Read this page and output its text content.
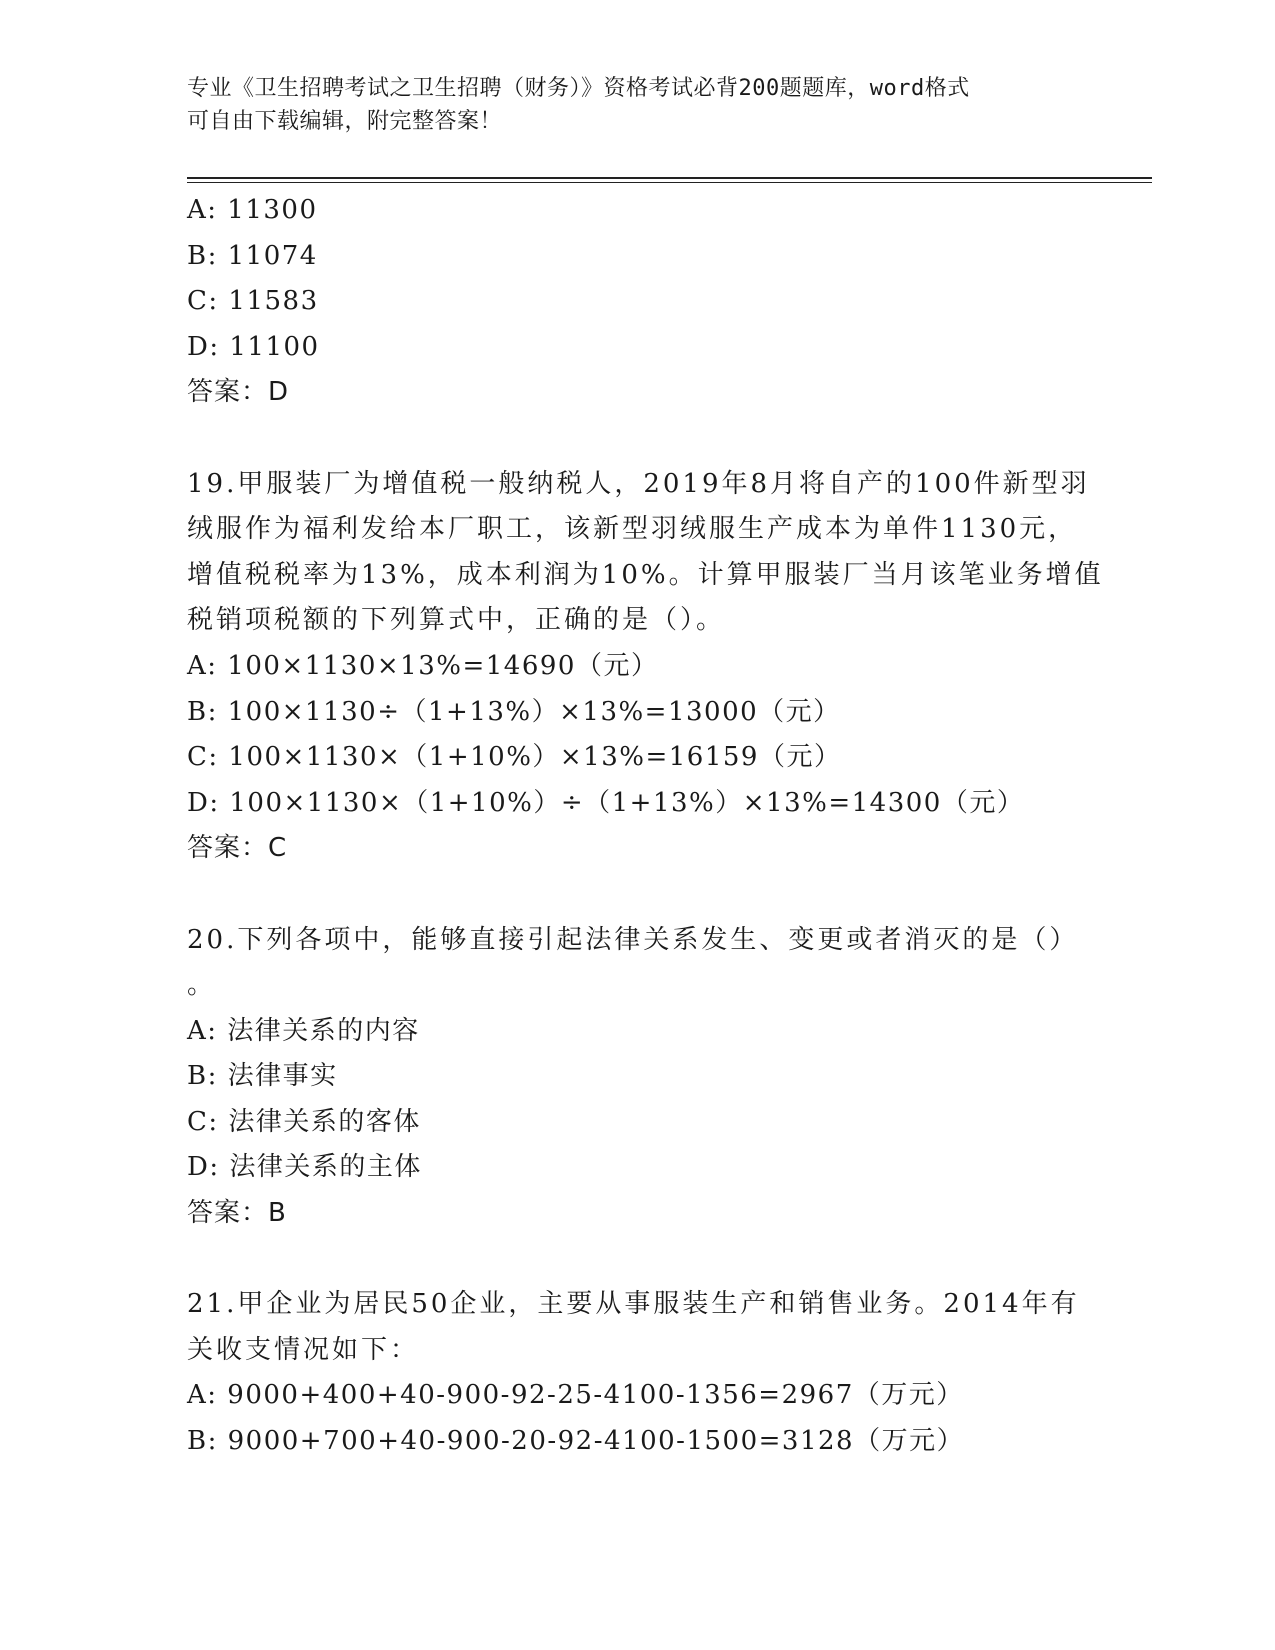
专业《卫生招聘考试之卫生招聘（财务）》资格考试必背200题题库，word格式
可自由下载编辑，附完整答案！
A: 11300
B: 11074
C: 11583
D: 11100
答案：D
19.甲服装厂为增值税一般纳税人，2019年8月将自产的100件新型羽
绒服作为福利发给本厂职工，该新型羽绒服生产成本为单件1130元，
增值税税率为13%，成本利润为10%。计算甲服装厂当月该笔业务增值
税销项税额的下列算式中，正确的是（）。
A: 100×1130×13%=14690（元）
B: 100×1130÷（1+13%）×13%=13000（元）
C: 100×1130×（1+10%）×13%=16159（元）
D: 100×1130×（1+10%）÷（1+13%）×13%=14300（元）
答案：C
20.下列各项中，能够直接引起法律关系发生、变更或者消灭的是（）
。
A: 法律关系的内容
B: 法律事实
C: 法律关系的客体
D: 法律关系的主体
答案：B
21.甲企业为居民50企业，主要从事服装生产和销售业务。2014年有
关收支情况如下：
A: 9000+400+40-900-92-25-4100-1356=2967（万元）
B: 9000+700+40-900-20-92-4100-1500=3128（万元）
